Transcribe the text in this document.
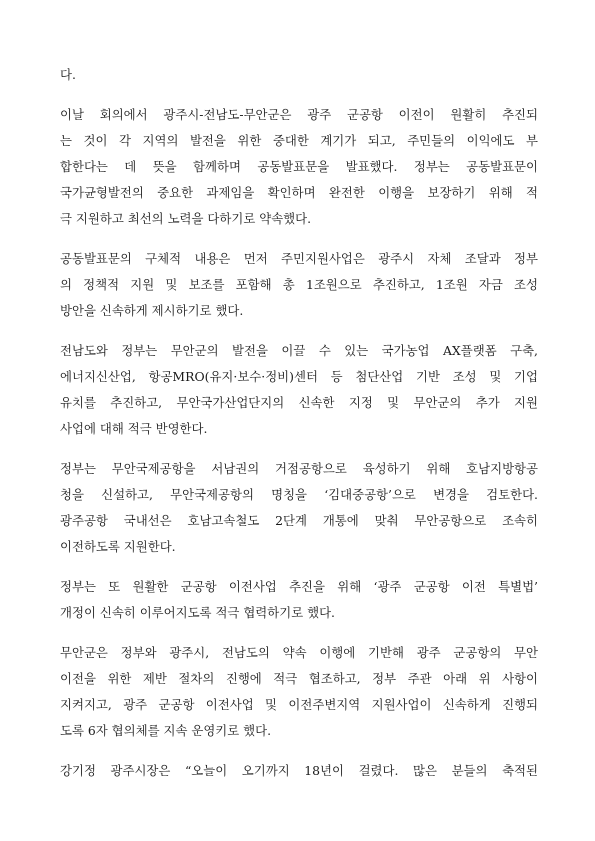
다.

이날 회의에서 광주시-전남도-무안군은 광주 군공항 이전이 원활히 추진되
는 것이 각 지역의 발전을 위한 중대한 계기가 되고, 주민들의 이익에도 부
합한다는 데 뜻을 함께하며 공동발표문을 발표했다. 정부는 공동발표문이
국가균형발전의 중요한 과제임을 확인하며 완전한 이행을 보장하기 위해 적
극 지원하고 최선의 노력을 다하기로 약속했다.

공동발표문의 구체적 내용은 먼저 주민지원사업은 광주시 자체 조달과 정부
의 정책적 지원 및 보조를 포함해 총 1조원으로 추진하고, 1조원 자금 조성
방안을 신속하게 제시하기로 했다.

전남도와 정부는 무안군의 발전을 이끌 수 있는 국가농업 AX플랫폼 구축,
에너지신산업, 항공MRO(유지·보수·정비)센터 등 첨단산업 기반 조성 및 기업
유치를 추진하고, 무안국가산업단지의 신속한 지정 및 무안군의 추가 지원
사업에 대해 적극 반영한다.

정부는 무안국제공항을 서남권의 거점공항으로 육성하기 위해 호남지방항공
청을 신설하고, 무안국제공항의 명칭을 ‘김대중공항’으로 변경을 검토한다.
광주공항 국내선은 호남고속철도 2단계 개통에 맞춰 무안공항으로 조속히
이전하도록 지원한다.

정부는 또 원활한 군공항 이전사업 추진을 위해 ‘광주 군공항 이전 특별법’
개정이 신속히 이루어지도록 적극 협력하기로 했다.

무안군은 정부와 광주시, 전남도의 약속 이행에 기반해 광주 군공항의 무안
이전을 위한 제반 절차의 진행에 적극 협조하고, 정부 주관 아래 위 사항이
지켜지고, 광주 군공항 이전사업 및 이전주변지역 지원사업이 신속하게 진행되
도록 6자 협의체를 지속 운영키로 했다.

강기정 광주시장은 “오늘이 오기까지 18년이 걸렸다. 많은 분들의 축적된
